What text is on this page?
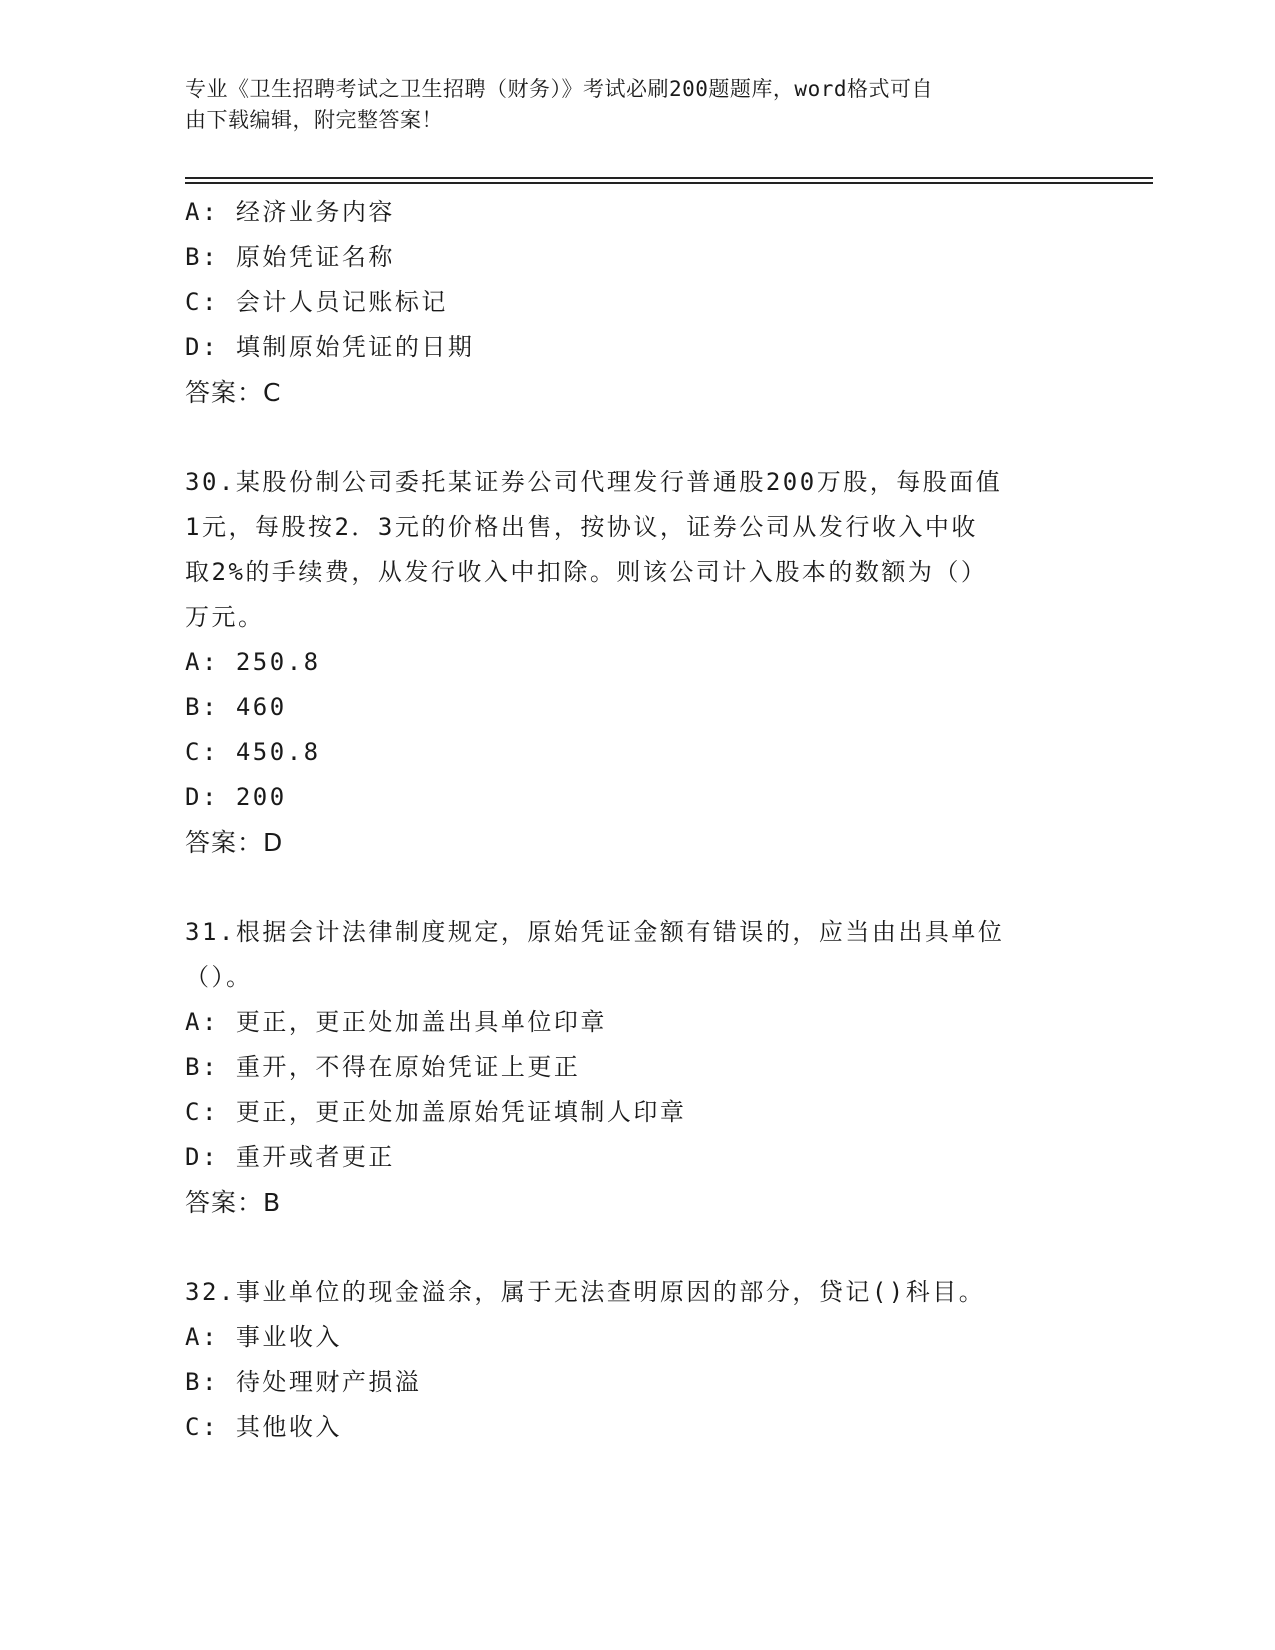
专业《卫生招聘考试之卫生招聘（财务）》考试必刷200题题库，word格式可自
由下载编辑，附完整答案！
A: 经济业务内容
B: 原始凭证名称
C: 会计人员记账标记
D: 填制原始凭证的日期
答案：C
30.某股份制公司委托某证券公司代理发行普通股200万股，每股面值
1元，每股按2．3元的价格出售，按协议，证券公司从发行收入中收
取2%的手续费，从发行收入中扣除。则该公司计入股本的数额为（）
万元。
A: 250.8
B: 460
C: 450.8
D: 200
答案：D
31.根据会计法律制度规定，原始凭证金额有错误的，应当由出具单位
（）。
A: 更正，更正处加盖出具单位印章
B: 重开，不得在原始凭证上更正
C: 更正，更正处加盖原始凭证填制人印章
D: 重开或者更正
答案：B
32.事业单位的现金溢余，属于无法查明原因的部分，贷记()科目。
A: 事业收入
B: 待处理财产损溢
C: 其他收入
